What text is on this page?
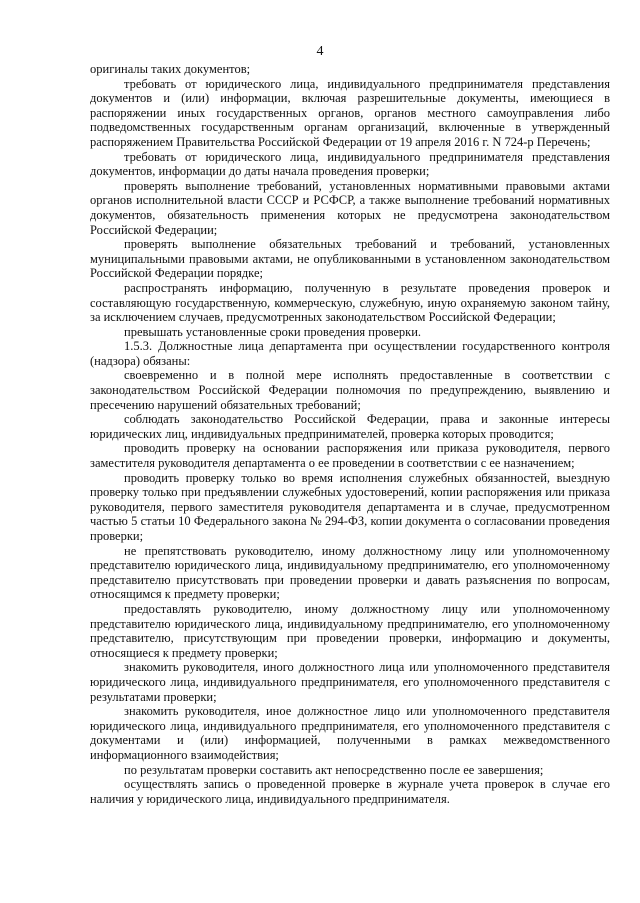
4

оригиналы таких документов;

требовать от юридического лица, индивидуального предпринимателя представления документов и (или) информации, включая разрешительные документы, имеющиеся в распоряжении иных государственных органов, органов местного самоуправления либо подведомственных государственным органам организаций, включенные в утвержденный распоряжением Правительства Российской Федерации от 19 апреля 2016 г. N 724-р Перечень;

требовать от юридического лица, индивидуального предпринимателя представления документов, информации до даты начала проведения проверки;

проверять выполнение требований, установленных нормативными правовыми актами органов исполнительной власти СССР и РСФСР, а также выполнение требований нормативных документов, обязательность применения которых не предусмотрена законодательством Российской Федерации;

проверять выполнение обязательных требований и требований, установленных муниципальными правовыми актами, не опубликованными в установленном законодательством Российской Федерации порядке;

распространять информацию, полученную в результате проведения проверок и составляющую государственную, коммерческую, служебную, иную охраняемую законом тайну, за исключением случаев, предусмотренных законодательством Российской Федерации;

превышать установленные сроки проведения проверки.

1.5.3. Должностные лица департамента при осуществлении государственного контроля (надзора) обязаны:

своевременно и в полной мере исполнять предоставленные в соответствии с законодательством Российской Федерации полномочия по предупреждению, выявлению и пресечению нарушений обязательных требований;

соблюдать законодательство Российской Федерации, права и законные интересы юридических лиц, индивидуальных предпринимателей, проверка которых проводится;

проводить проверку на основании распоряжения или приказа руководителя, первого заместителя руководителя департамента о ее проведении в соответствии с ее назначением;

проводить проверку только во время исполнения служебных обязанностей, выездную проверку только при предъявлении служебных удостоверений, копии распоряжения или приказа руководителя, первого заместителя руководителя департамента и в случае, предусмотренном частью 5 статьи 10 Федерального закона № 294-ФЗ, копии документа о согласовании проведения проверки;

не препятствовать руководителю, иному должностному лицу или уполномоченному представителю юридического лица, индивидуальному предпринимателю, его уполномоченному представителю присутствовать при проведении проверки и давать разъяснения по вопросам, относящимся к предмету проверки;

предоставлять руководителю, иному должностному лицу или уполномоченному представителю юридического лица, индивидуальному предпринимателю, его уполномоченному представителю, присутствующим при проведении проверки, информацию и документы, относящиеся к предмету проверки;

знакомить руководителя, иного должностного лица или уполномоченного представителя юридического лица, индивидуального предпринимателя, его уполномоченного представителя с результатами проверки;

знакомить руководителя, иное должностное лицо или уполномоченного представителя юридического лица, индивидуального предпринимателя, его уполномоченного представителя с документами и (или) информацией, полученными в рамках межведомственного информационного взаимодействия;

по результатам проверки составить акт непосредственно после ее завершения;

осуществлять запись о проведенной проверке в журнале учета проверок в случае его наличия у юридического лица, индивидуального предпринимателя.
